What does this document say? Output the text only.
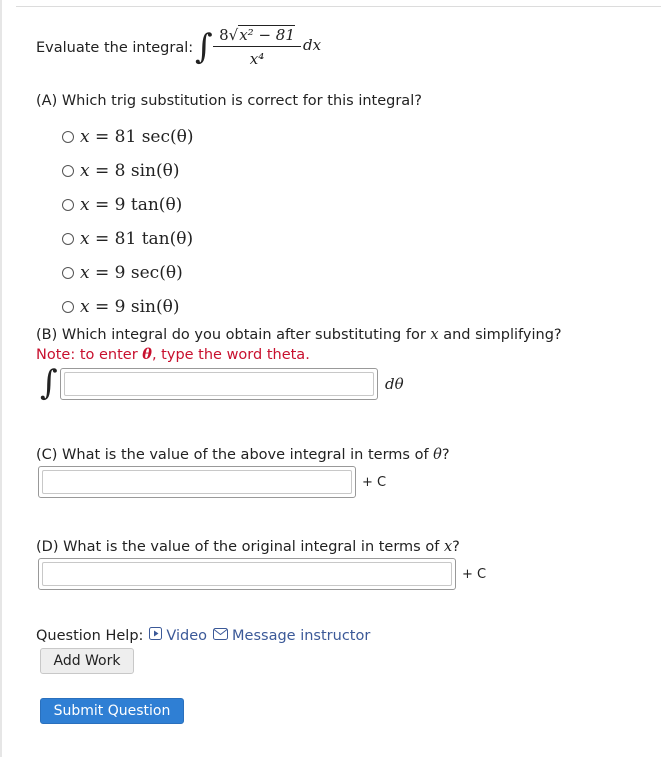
Evaluate the integral: ∫ $\frac{\text{8√x² − 81}}{\text{x⁴}}$ dx
(A) Which trig substitution is correct for this integral?
x = 81 sec(θ)
x = 8 sin(θ)
x = 9 tan(θ)
x = 81 tan(θ)
x = 9 sec(θ)
x = 9 sin(θ)
(B) Which integral do you obtain after substituting for x and simplifying?
Note: to enter θ, type the word theta.
∫	dθ
(C) What is the value of the above integral in terms of θ?
+ C
(D) What is the value of the original integral in terms of x?
+ C
Question Help: Video Message instructor
Add Work
Submit Question
